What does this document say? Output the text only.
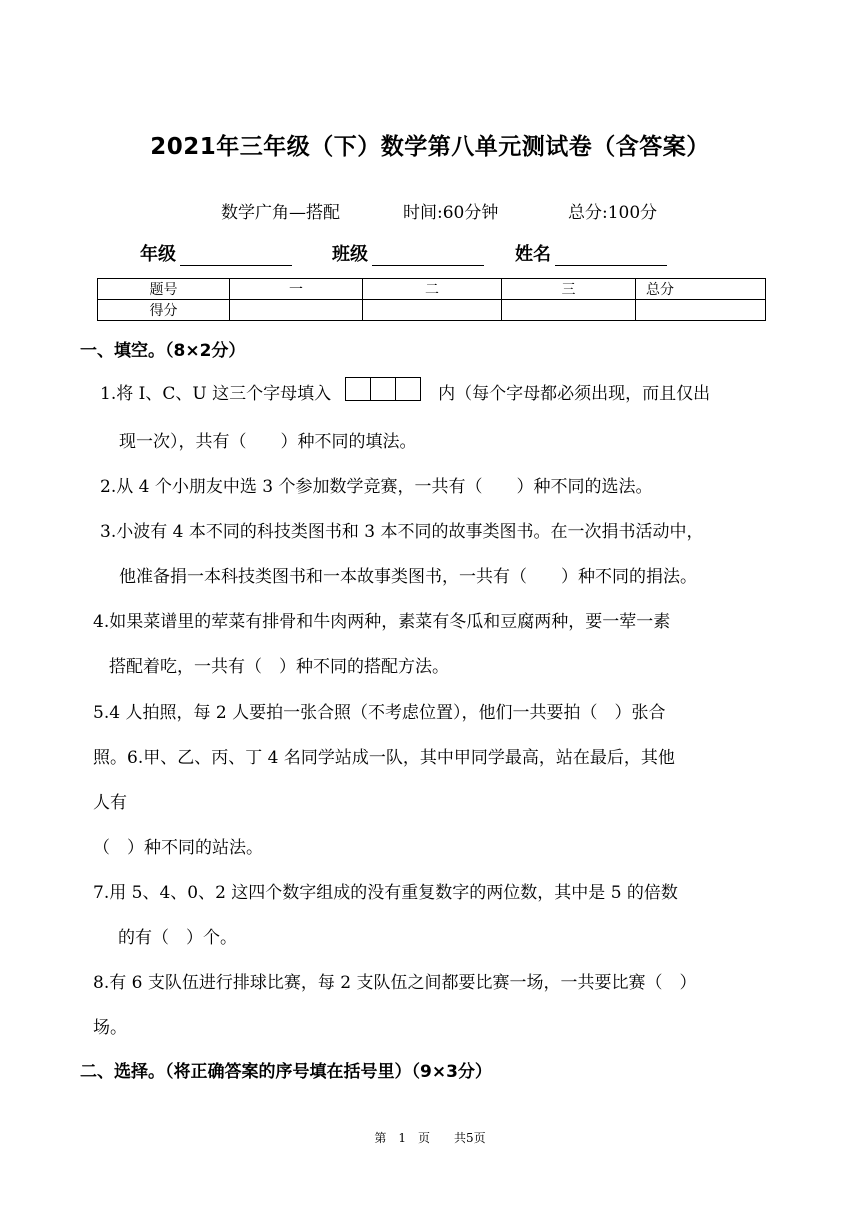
2021年三年级（下）数学第八单元测试卷（含答案）
数学广角—搭配	时间:60分钟	总分:100分
年级	班级	姓名
题号	一	二	三	总分
得分				
一、填空。（8×2分）
1.将 I、C、U 这三个字母填入	内（每个字母都必须出现，而且仅出
现一次），共有（　　）种不同的填法。
2.从 4 个小朋友中选 3 个参加数学竞赛，一共有（　　）种不同的选法。
3.小波有 4 本不同的科技类图书和 3 本不同的故事类图书。在一次捐书活动中，
他准备捐一本科技类图书和一本故事类图书，一共有（　　）种不同的捐法。
4.如果菜谱里的荤菜有排骨和牛肉两种，素菜有冬瓜和豆腐两种，要一荤一素
搭配着吃，一共有（　）种不同的搭配方法。
5.4 人拍照，每 2 人要拍一张合照（不考虑位置），他们一共要拍（　）张合
照。6.甲、乙、丙、丁 4 名同学站成一队，其中甲同学最高，站在最后，其他
人有
（　）种不同的站法。
7.用 5、4、0、2 这四个数字组成的没有重复数字的两位数，其中是 5 的倍数
的有（　）个。
8.有 6 支队伍进行排球比赛，每 2 支队伍之间都要比赛一场，一共要比赛（　）
场。
二、选择。（将正确答案的序号填在括号里）（9×3分）
第　1　页　　共5页
